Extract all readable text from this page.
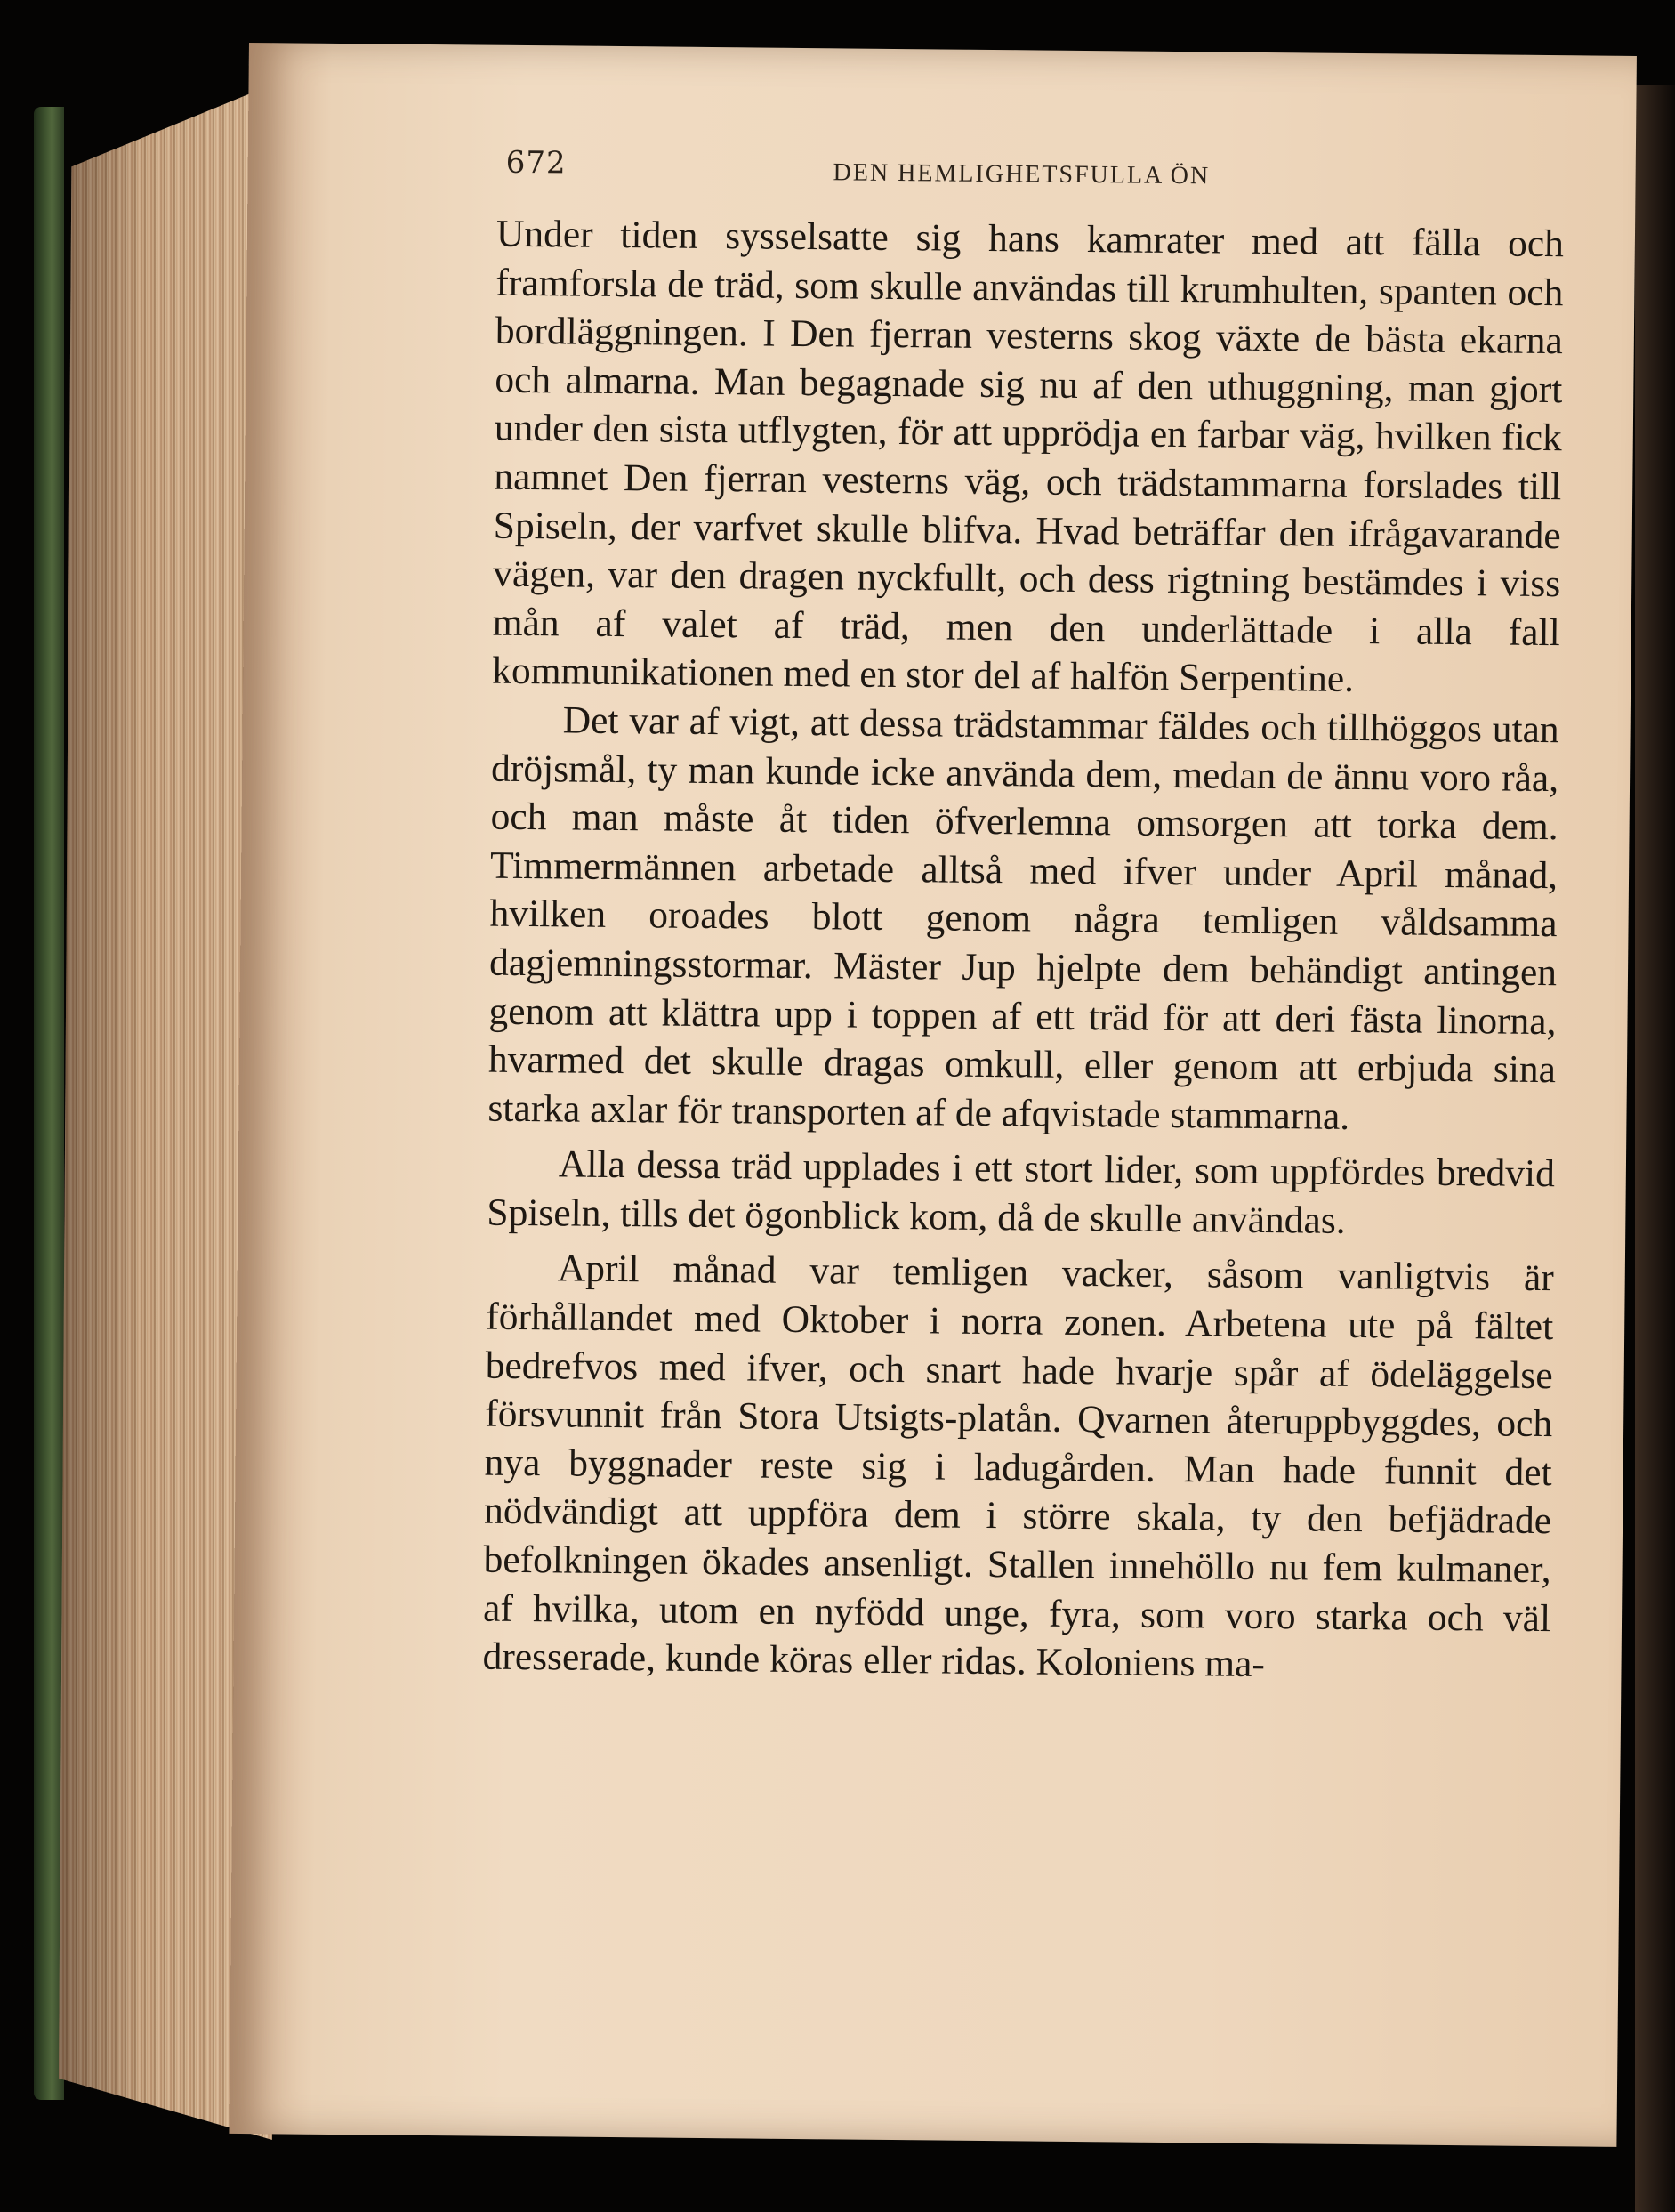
672	DEN HEMLIGHETSFULLA ÖN

Under tiden sysselsatte sig hans kamrater med att fälla och framforsla de träd, som skulle användas till krumhulten, spanten och bordläggningen. I Den fjerran vesterns skog växte de bästa ekarna och almarna. Man begagnade sig nu af den uthuggning, man gjort under den sista utflygten, för att upprödja en farbar väg, hvilken fick namnet Den fjerran vesterns väg, och trädstammarna forslades till Spiseln, der varfvet skulle blifva. Hvad beträffar den ifrågavarande vägen, var den dragen nyckfullt, och dess rigtning bestämdes i viss mån af valet af träd, men den underlättade i alla fall kommunikationen med en stor del af halfön Serpentine.

Det var af vigt, att dessa trädstammar fäldes och tillhöggos utan dröjsmål, ty man kunde icke använda dem, medan de ännu voro råa, och man måste åt tiden öfverlemna omsorgen att torka dem. Timmermännen arbetade alltså med ifver under April månad, hvilken oroades blott genom några temligen våldsamma dagjemningsstormar. Mäster Jup hjelpte dem behändigt antingen genom att klättra upp i toppen af ett träd för att deri fästa linorna, hvarmed det skulle dragas omkull, eller genom att erbjuda sina starka axlar för transporten af de afqvistade stammarna.

Alla dessa träd upplades i ett stort lider, som uppfördes bredvid Spiseln, tills det ögonblick kom, då de skulle användas.

April månad var temligen vacker, såsom vanligtvis är förhållandet med Oktober i norra zonen. Arbetena ute på fältet bedrefvos med ifver, och snart hade hvarje spår af ödeläggelse försvunnit från Stora Utsigts-platån. Qvarnen återuppbyggdes, och nya byggnader reste sig i ladugården. Man hade funnit det nödvändigt att uppföra dem i större skala, ty den befjädrade befolkningen ökades ansenligt. Stallen innehöllo nu fem kulmaner, af hvilka, utom en nyfödd unge, fyra, som voro starka och väl dresserade, kunde köras eller ridas. Koloniens ma-
